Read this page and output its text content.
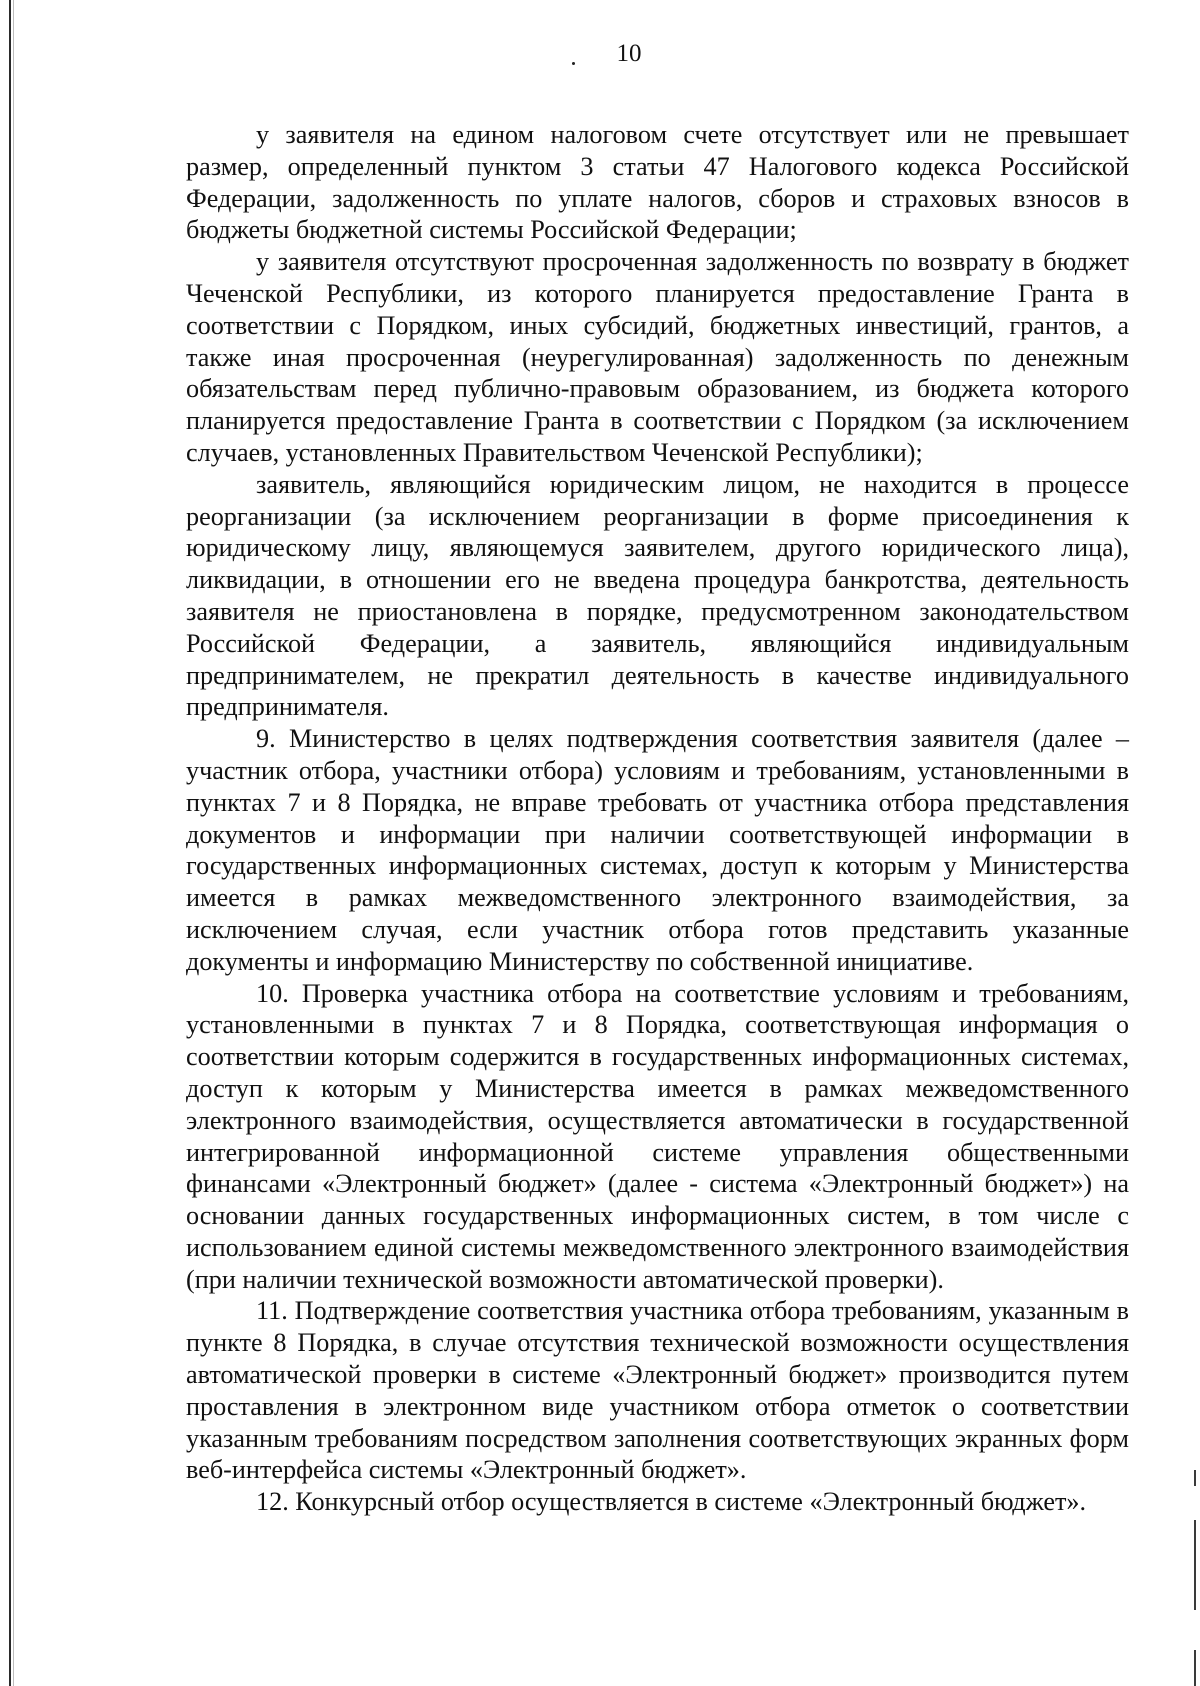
10

у заявителя на едином налоговом счете отсутствует или не превышает размер, определенный пунктом 3 статьи 47 Налогового кодекса Российской Федерации, задолженность по уплате налогов, сборов и страховых взносов в бюджеты бюджетной системы Российской Федерации;

у заявителя отсутствуют просроченная задолженность по возврату в бюджет Чеченской Республики, из которого планируется предоставление Гранта в соответствии с Порядком, иных субсидий, бюджетных инвестиций, грантов, а также иная просроченная (неурегулированная) задолженность по денежным обязательствам перед публично-правовым образованием, из бюджета которого планируется предоставление Гранта в соответствии с Порядком (за исключением случаев, установленных Правительством Чеченской Республики);

заявитель, являющийся юридическим лицом, не находится в процессе реорганизации (за исключением реорганизации в форме присоединения к юридическому лицу, являющемуся заявителем, другого юридического лица), ликвидации, в отношении его не введена процедура банкротства, деятельность заявителя не приостановлена в порядке, предусмотренном законодательством Российской Федерации, а заявитель, являющийся индивидуальным предпринимателем, не прекратил деятельность в качестве индивидуального предпринимателя.

9. Министерство в целях подтверждения соответствия заявителя (далее – участник отбора, участники отбора) условиям и требованиям, установленными в пунктах 7 и 8 Порядка, не вправе требовать от участника отбора представления документов и информации при наличии соответствующей информации в государственных информационных системах, доступ к которым у Министерства имеется в рамках межведомственного электронного взаимодействия, за исключением случая, если участник отбора готов представить указанные документы и информацию Министерству по собственной инициативе.

10. Проверка участника отбора на соответствие условиям и требованиям, установленными в пунктах 7 и 8 Порядка, соответствующая информация о соответствии которым содержится в государственных информационных системах, доступ к которым у Министерства имеется в рамках межведомственного электронного взаимодействия, осуществляется автоматически в государственной интегрированной информационной системе управления общественными финансами «Электронный бюджет» (далее - система «Электронный бюджет») на основании данных государственных информационных систем, в том числе с использованием единой системы межведомственного электронного взаимодействия (при наличии технической возможности автоматической проверки).

11. Подтверждение соответствия участника отбора требованиям, указанным в пункте 8 Порядка, в случае отсутствия технической возможности осуществления автоматической проверки в системе «Электронный бюджет» производится путем проставления в электронном виде участником отбора отметок о соответствии указанным требованиям посредством заполнения соответствующих экранных форм веб-интерфейса системы «Электронный бюджет».

12. Конкурсный отбор осуществляется в системе «Электронный бюджет».
